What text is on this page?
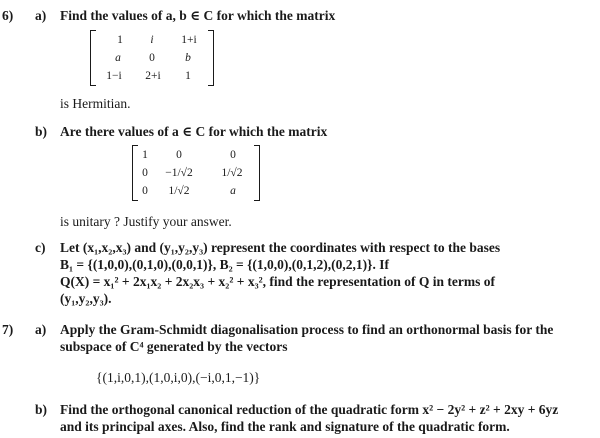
6) a) Find the values of a, b ∈ C for which the matrix
1	i	1+i
a	0	b
1−i	2+i	1
is Hermitian.
b) Are there values of a ∈ C for which the matrix
1	0	0
0	−1/√2	1/√2
0	1/√2	a
is unitary ? Justify your answer.
c) Let (x₁,x₂,x₃) and (y₁,y₂,y₃) represent the coordinates with respect to the bases
B₁ = {(1,0,0),(0,1,0),(0,0,1)}, B₂ = {(1,0,0),(0,1,2),(0,2,1)}. If
Q(X) = x₁² + 2x₁x₂ + 2x₂x₃ + x₂² + x₃², find the representation of Q in terms of
(y₁,y₂,y₃).
7) a) Apply the Gram-Schmidt diagonalisation process to find an orthonormal basis for the
subspace of C⁴ generated by the vectors
{(1,i,0,1),(1,0,i,0),(−i,0,1,−1)}
b) Find the orthogonal canonical reduction of the quadratic form x² − 2y² + z² + 2xy + 6yz
and its principal axes. Also, find the rank and signature of the quadratic form.
